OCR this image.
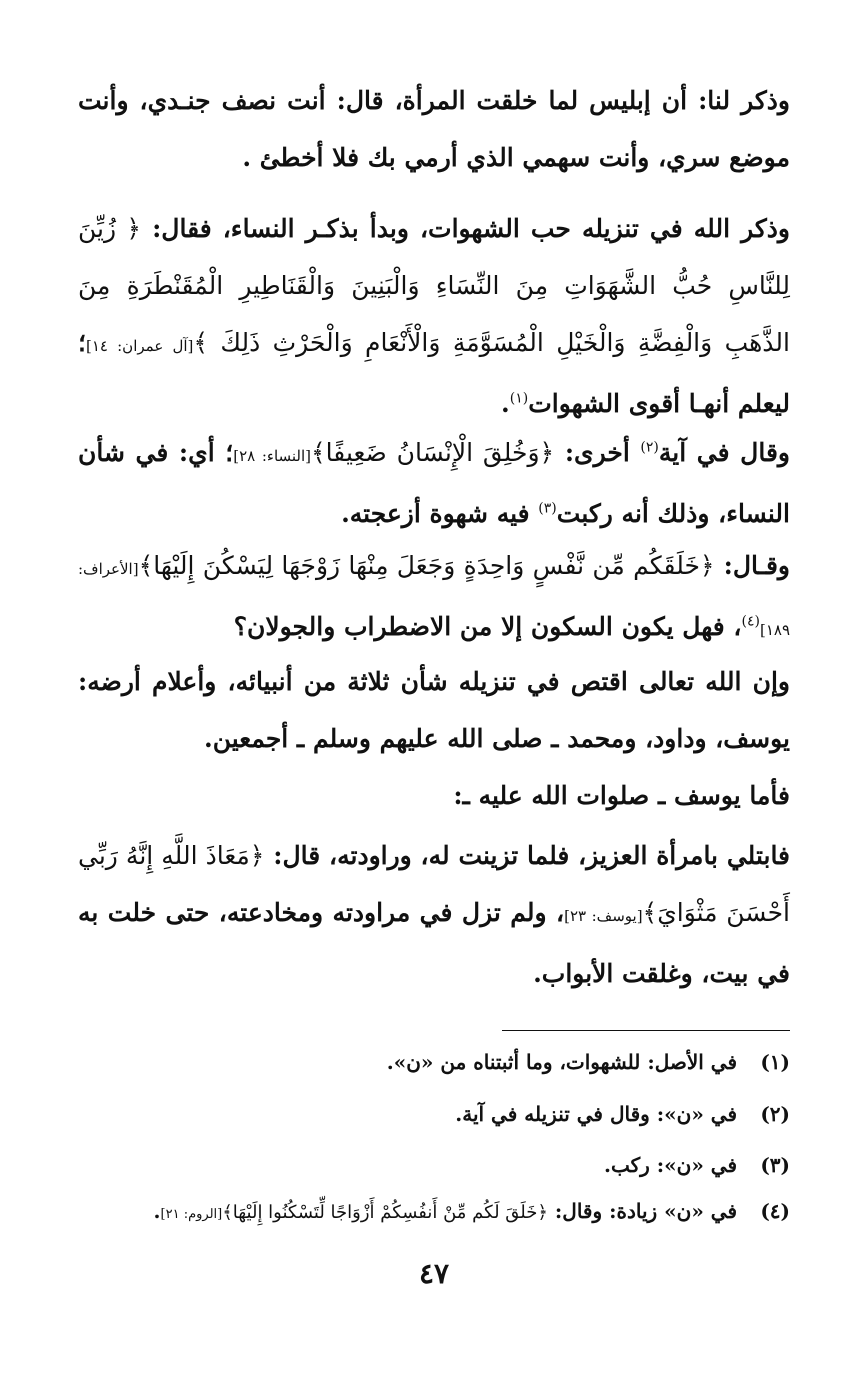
وذكر لنا: أن إبليس لما خلقت المرأة، قال: أنت نصف جنـدي، وأنت موضع سري، وأنت سهمي الذي أرمي بك فلا أخطئ .

وذكر الله في تنزيله حب الشهوات، وبدأ بذكـر النساء، فقال: ﴿ زُيِّنَ لِلنَّاسِ حُبُّ الشَّهَوَاتِ مِنَ النِّسَاءِ وَالْبَنِينَ وَالْقَنَاطِيرِ الْمُقَنْطَرَةِ مِنَ الذَّهَبِ وَالْفِضَّةِ وَالْخَيْلِ الْمُسَوَّمَةِ وَالْأَنْعَامِ وَالْحَرْثِ ذَلِكَ ﴾[آل عمران: ١٤]؛ ليعلم أنهـا أقوى الشهوات$^{(١)}$.

وقال في آية$^{(٢)}$ أخرى: ﴿وَخُلِقَ الْإِنْسَانُ ضَعِيفًا﴾[النساء: ٢٨]؛ أي: في شأن النساء، وذلك أنه ركبت$^{(٣)}$ فيه شهوة أزعجته.

وقـال: ﴿خَلَقَكُم مِّن نَّفْسٍ وَاحِدَةٍ وَجَعَلَ مِنْهَا زَوْجَهَا لِيَسْكُنَ إِلَيْهَا﴾[الأعراف: ١٨٩]$^{(٤)}$، فهل يكون السكون إلا من الاضطراب والجولان؟

وإن الله تعالى اقتص في تنزيله شأن ثلاثة من أنبيائه، وأعلام أرضه: يوسف، وداود، ومحمد ـ صلى الله عليهم وسلم ـ أجمعين.

فأما يوسف ـ صلوات الله عليه ـ:

فابتلي بامرأة العزيز، فلما تزينت له، وراودته، قال: ﴿مَعَاذَ اللَّهِ إِنَّهُ رَبِّي أَحْسَنَ مَثْوَايَ﴾[يوسف: ٢٣]، ولم تزل في مراودته ومخادعته، حتى خلت به في بيت، وغلقت الأبواب.

(١) في الأصل: للشهوات، وما أثبتناه من «ن».
(٢) في «ن»: وقال في تنزيله في آية.
(٣) في «ن»: ركب.
(٤) في «ن» زيادة: وقال: ﴿خَلَقَ لَكُم مِّنْ أَنفُسِكُمْ أَزْوَاجًا لِّتَسْكُنُوا إِلَيْهَا﴾[الروم: ٢١].
٤٧
